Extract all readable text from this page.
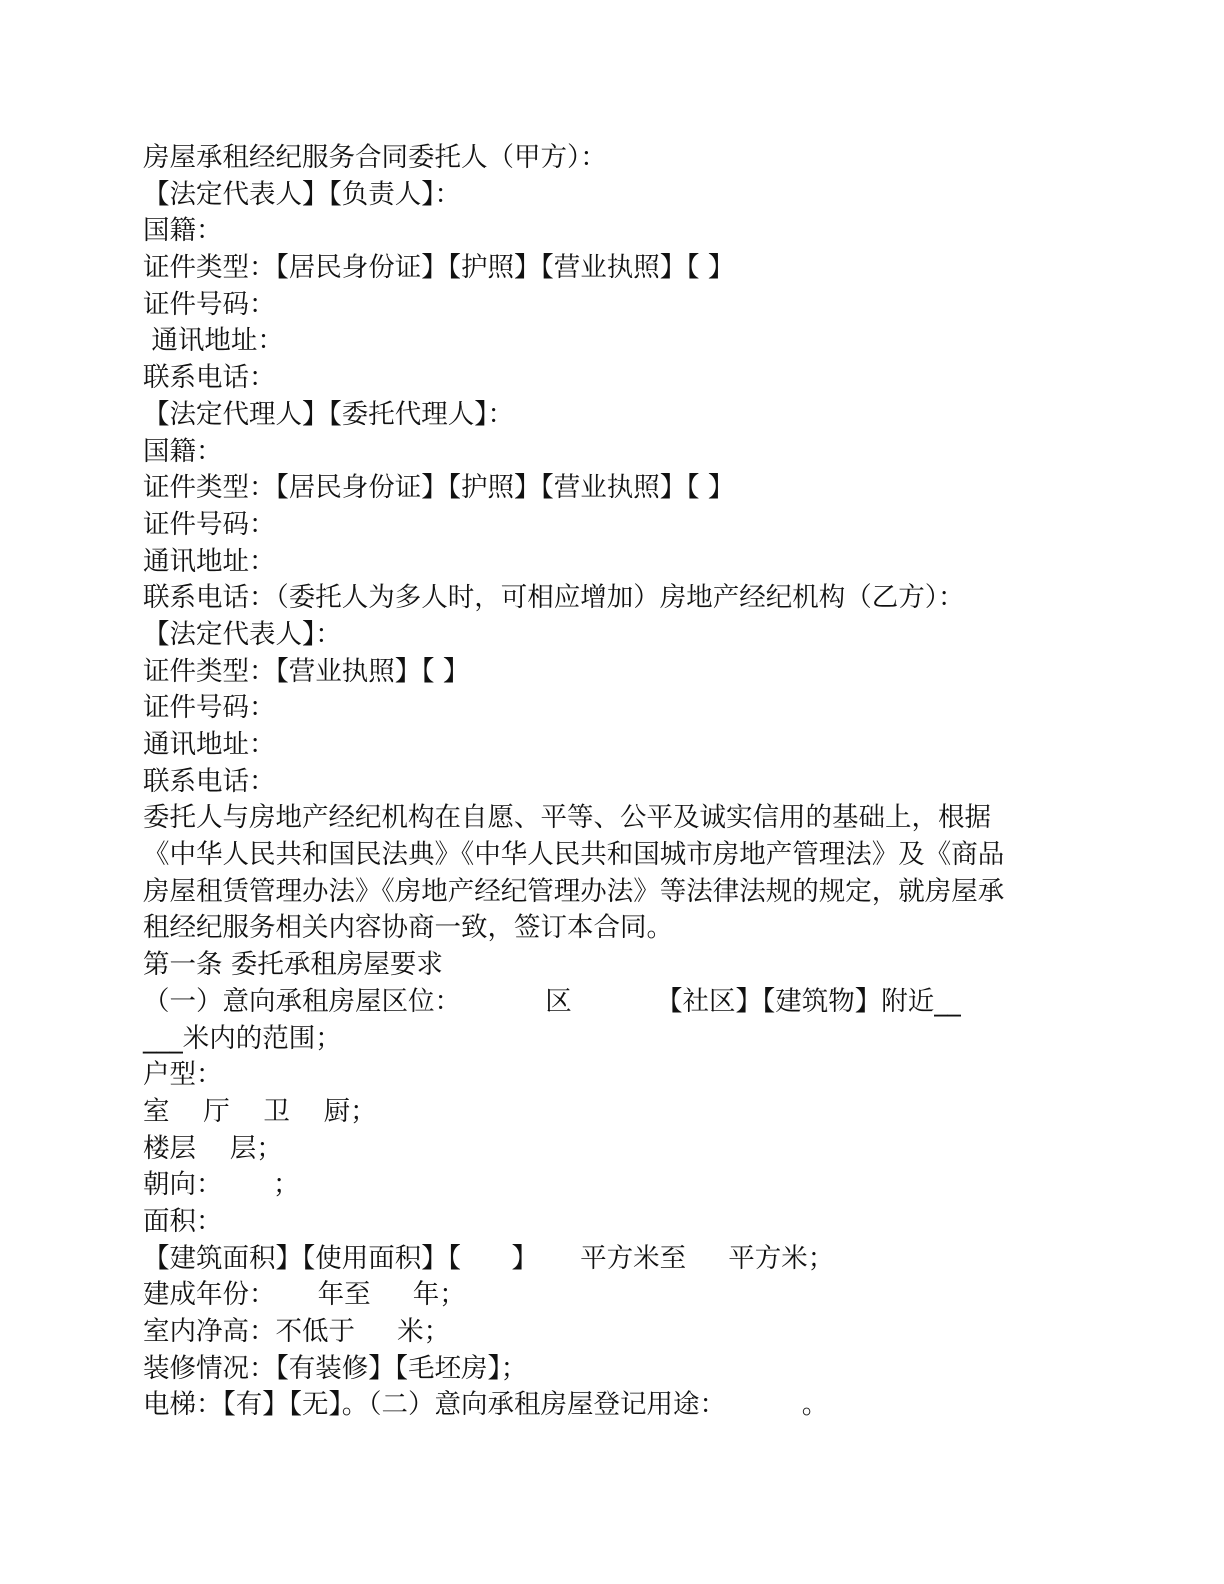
房屋承租经纪服务合同委托人（甲方）：
【法定代表人】【负责人】：
国籍：
证件类型：【居民身份证】【护照】【营业执照】【 】
证件号码：
通讯地址：
联系电话：
【法定代理人】【委托代理人】：
国籍：
证件类型：【居民身份证】【护照】【营业执照】【 】
证件号码：
通讯地址：
联系电话：（委托人为多人时，可相应增加）房地产经纪机构（乙方）：
【法定代表人】：
证件类型：【营业执照】【 】
证件号码：
通讯地址：
联系电话：
委托人与房地产经纪机构在自愿、平等、公平及诚实信用的基础上，根据
《中华人民共和国民法典》《中华人民共和国城市房地产管理法》及《商品
房屋租赁管理办法》《房地产经纪管理办法》等法律法规的规定，就房屋承
租经纪服务相关内容协商一致，签订本合同。
第一条 委托承租房屋要求
（一）意向承租房屋区位：          区          【社区】【建筑物】附近__
___米内的范围；
户型：
室    厅    卫    厨；
楼层    层；
朝向：      ；
面积：
【建筑面积】【使用面积】【      】     平方米至     平方米；
建成年份：     年至     年；
室内净高：不低于     米；
装修情况：【有装修】【毛坯房】；
电梯：【有】【无】。（二）意向承租房屋登记用途：         。
